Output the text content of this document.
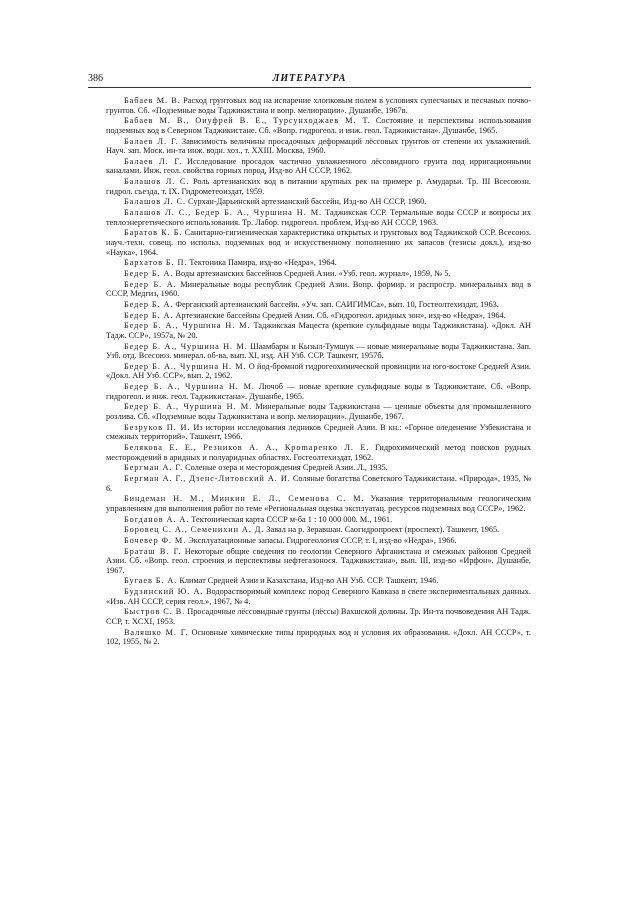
386	ЛИТЕРАТУРА

Бабаев М. В. Расход грунтовых вод на испарение хлопковым полем в условиях супесчаных и песчаных почво-грунтов. Сб. «Подземные воды Таджикистана и вопр. мелиорации». Душанбе, 1967в.

Бабаев М. В., Оиуфрей В. Е., Турсунходжаев М. Т. Состояние и перспективы использования подземных вод в Северном Таджикистане. Сб. «Вопр. гидрогеол. и инж. геол. Таджикистана». Душанбе, 1965.

Балаев Л. Г. Зависимость величины просадочных деформаций лёссовых грунтов от степени их увлажнений. Науч. зап. Моск. ин-та инж. водн. хоз., т. XXIII. Москва, 1960.

Балаев Л. Г. Исследование просадок частично увлажненного лёссовидного грунта под ирригационными каналами. Инж. геол. свойства горных пород, Изд-во АН СССР, 1962.

Балашов Л. С. Роль артезианских вод в питании крупных рек на примере р. Амударьи. Тр. III Всесоюзн. гидрол. съезда, т. IX. Гидрометеоиздат, 1959.

Балашов Л. С. Сурхан-Дарьинский артезианский бассейн, Изд-во АН СССР, 1960.

Балашов Л. С., Бедер Б. А., Чуршина Н. М. Таджикская ССР. Термальные воды СССР и вопросы их теплоэнергетического использования. Тр. Лабор. гидрогеол. проблем, Изд-во АН СССР, 1963.

Баратов К. Б. Санитарно-гигиеническая характеристика открытых и грунтовых вод Таджикской ССР. Всесоюз. науч.-техн. совещ. по использ. подземных вод и искусственному пополнению их запасов (тезисы докл.), изд-во «Наука», 1964.

Бархатов Б. П. Тектоника Памира, изд-во «Недра», 1964.

Бедер Б. А. Воды артезианских бассейнов Средней Азии. «Узб. геол. журнал», 1959, № 5.

Бедер Б. А. Минеральные воды республик Средней Азии. Вопр. формир. и распростр. минеральных вод в СССР, Медгиз, 1960.

Бедер Б. А. Ферганский артезианский бассейн. «Уч. зап. САИГИМСа», вып. 10, Гостеолтехиздат, 1963.

Бедер Б. А. Артезианские бассейны Средней Азии. Сб. «Гидрогеол. аридных зон», изд-во «Недра», 1964.

Бедер Б. А., Чуршина Н. М. Таджикская Мацеста (крепкие сульфидные воды Таджикистана). «Докл. АН Тадж. ССР», 1957а, № 20.

Бедер Б. А., Чуршина Н. М. Шаамбары и Кызыл-Тумшук — новые минеральные воды Таджикистана. Зап. Узб. отд. Всесоюз. минерал. об-ва, вып. XI, изд. АН Узб. ССР. Ташкент, 1957б.

Бедер Б. А., Чуршина Н. М. О йод-бромной гидрогеохимической провинции на юго-востоке Средней Азии. «Докл. АН Узб. ССР», вып. 2, 1962.

Бедер Б. А., Чуршина Н. М. Лючоб — новые крепкие сульфидные воды в Таджикистане. Сб. «Вопр. гидрогеол. и инж. геол. Таджикистана». Душанбе, 1965.

Бедер Б. А., Чуршина Н. М. Минеральные воды Таджикистана — ценные объекты для промышленного розлива. Сб. «Подземные воды Таджикистана и вопр. мелиорации». Душанбе, 1967.

Безруков П. И. Из истории исследования ледников Средней Азии. В кн.: «Горное оледенение Узбекистана и смежных территорий». Ташкент, 1966.

Белякова Е. Е., Резников А. А., Кроmаренко Л. Е. Гидрохимический метод поисков рудных месторождений в аридных и полуаридных областях. Госгеолтехиздат, 1962.

Бергман А. Г. Соленые озера и месторождения Средней Азии. Л., 1935.

Бергман А. Г., Дзенс-Литовский А. И. Соляные богатства Советского Таджикистана. «Природа», 1935, № 6.

Биндеман Н. М., Минкин Е. Л., Семенова С. М. Указания территориальным геологическим управлениям для выполнения работ по теме «Региональная оценка эксплуатац. ресурсов подземных вод СССР», 1962.

Богданов А. А. Тектоническая карта СССР м-ба 1 : 10 000 000. М., 1961.

Боровец С. А., Семенихин А. Д. Завал на р. Зеравшан. Саогидропроект (проспект). Ташкент, 1965.

Бочевер Ф. М. Эксплуатационные запасы. Гидрогеология СССР, т. I, изд-во «Недра», 1966.

Браташ В. Г. Некоторые общие сведения по геологии Северного Афганистана и смежных районов Средней Азии. Сб. «Вопр. геол. строения и перспективы нефтегазонося. Таджикистана», вып. III, изд-во «Ирфон». Душанбе, 1967.

Бугаев Б. А. Климат Средней Азии и Казахстана, Изд-во АН Узб. ССР. Ташкент, 1946.

Будзинский Ю. А. Водорастворимый комплекс пород Северного Кавказа в свете экспериментальных данных. «Изв. АН СССР, серия геол.», 1967, № 4.

Быстров С. В. Просадочные лёссовидные грунты (лёссы) Вахшской долины. Тр. Ин-та почвоведения АН Тадж. ССР, т. XCXI, 1953.

Валяшко М. Г. Основные химические типы природных вод и условия их образования. «Докл. АН СССР», т. 102, 1955, № 2.
